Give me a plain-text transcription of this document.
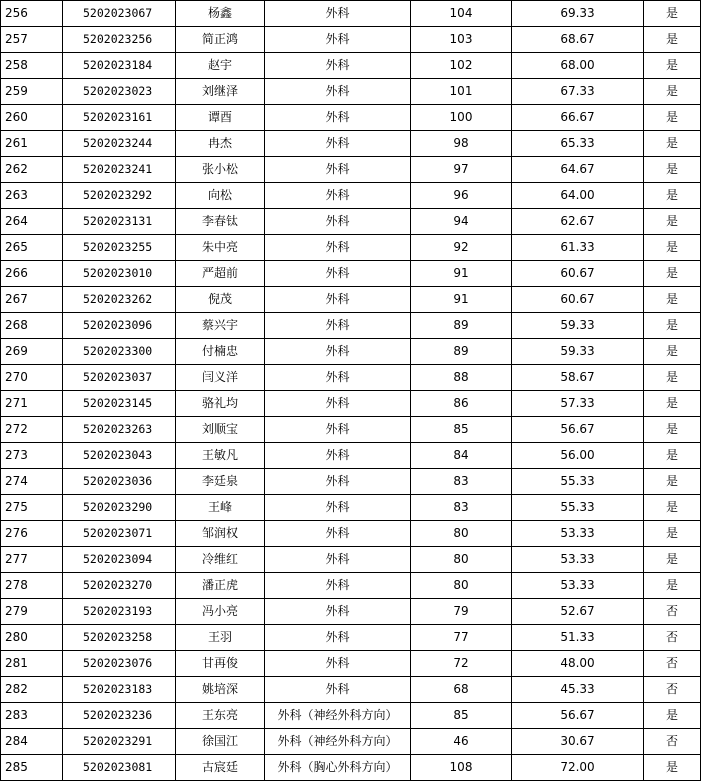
256	5202023067	杨鑫	外科	104	69.33	是
257	5202023256	简正鸿	外科	103	68.67	是
258	5202023184	赵宇	外科	102	68.00	是
259	5202023023	刘继泽	外科	101	67.33	是
260	5202023161	谭酉	外科	100	66.67	是
261	5202023244	冉杰	外科	98	65.33	是
262	5202023241	张小松	外科	97	64.67	是
263	5202023292	向松	外科	96	64.00	是
264	5202023131	李春钛	外科	94	62.67	是
265	5202023255	朱中亮	外科	92	61.33	是
266	5202023010	严超前	外科	91	60.67	是
267	5202023262	倪茂	外科	91	60.67	是
268	5202023096	蔡兴宇	外科	89	59.33	是
269	5202023300	付楠忠	外科	89	59.33	是
270	5202023037	闫义洋	外科	88	58.67	是
271	5202023145	骆礼均	外科	86	57.33	是
272	5202023263	刘顺宝	外科	85	56.67	是
273	5202023043	王敏凡	外科	84	56.00	是
274	5202023036	李廷泉	外科	83	55.33	是
275	5202023290	王峰	外科	83	55.33	是
276	5202023071	邹润权	外科	80	53.33	是
277	5202023094	冷维红	外科	80	53.33	是
278	5202023270	潘正虎	外科	80	53.33	是
279	5202023193	冯小亮	外科	79	52.67	否
280	5202023258	王羽	外科	77	51.33	否
281	5202023076	甘再俊	外科	72	48.00	否
282	5202023183	姚培深	外科	68	45.33	否
283	5202023236	王东亮	外科（神经外科方向）	85	56.67	是
284	5202023291	徐国江	外科（神经外科方向）	46	30.67	否
285	5202023081	古宸廷	外科（胸心外科方向）	108	72.00	是
